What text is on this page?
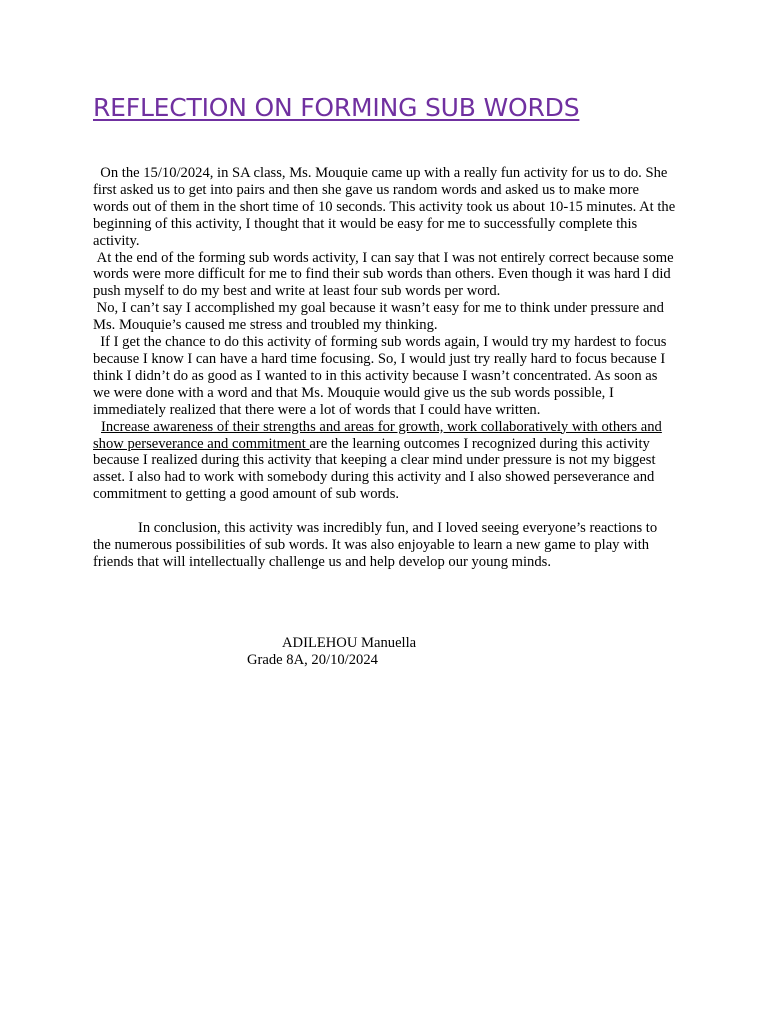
REFLECTION ON FORMING SUB WORDS

On the 15/10/2024, in SA class, Ms. Mouquie came up with a really fun activity for us to do. She first asked us to get into pairs and then she gave us random words and asked us to make more words out of them in the short time of 10 seconds. This activity took us about 10-15 minutes. At the beginning of this activity, I thought that it would be easy for me to successfully complete this activity.

At the end of the forming sub words activity, I can say that I was not entirely correct because some words were more difficult for me to find their sub words than others. Even though it was hard I did push myself to do my best and write at least four sub words per word.

No, I can’t say I accomplished my goal because it wasn’t easy for me to think under pressure and Ms. Mouquie’s caused me stress and troubled my thinking.

If I get the chance to do this activity of forming sub words again, I would try my hardest to focus because I know I can have a hard time focusing. So, I would just try really hard to focus because I think I didn’t do as good as I wanted to in this activity because I wasn’t concentrated. As soon as we were done with a word and that Ms. Mouquie would give us the sub words possible, I immediately realized that there were a lot of words that I could have written.

Increase awareness of their strengths and areas for growth, work collaboratively with others and show perseverance and commitment are the learning outcomes I recognized during this activity because I realized during this activity that keeping a clear mind under pressure is not my biggest asset. I also had to work with somebody during this activity and I also showed perseverance and commitment to getting a good amount of sub words.

In conclusion, this activity was incredibly fun, and I loved seeing everyone’s reactions to the numerous possibilities of sub words. It was also enjoyable to learn a new game to play with friends that will intellectually challenge us and help develop our young minds.

ADILEHOU Manuella
Grade 8A, 20/10/2024
